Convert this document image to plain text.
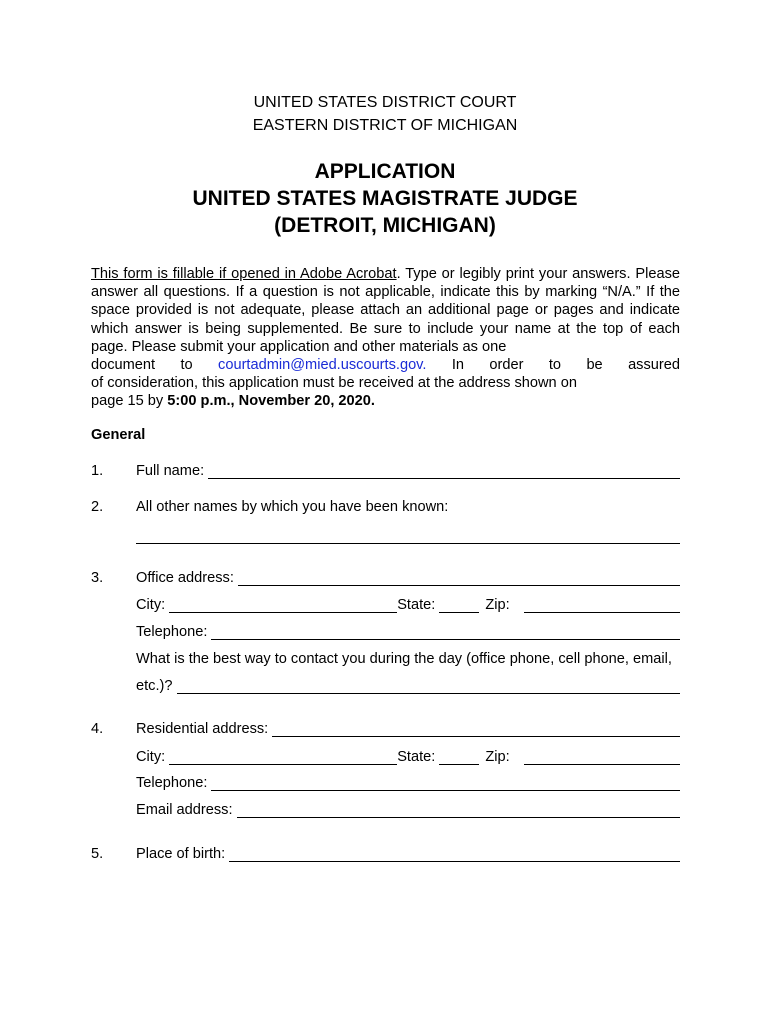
UNITED STATES DISTRICT COURT
EASTERN DISTRICT OF MICHIGAN
APPLICATION
UNITED STATES MAGISTRATE JUDGE
(DETROIT, MICHIGAN)
This form is fillable if opened in Adobe Acrobat. Type or legibly print your answers. Please answer all questions. If a question is not applicable, indicate this by marking “N/A.” If the space provided is not adequate, please attach an additional page or pages and indicate which answer is being supplemented. Be sure to include your name at the top of each page. Please submit your application and other materials as one
document to courtadmin@mied.uscourts.gov. In order to be assured
of consideration, this application must be received at the address shown on
page 15 by 5:00 p.m., November 20, 2020.
General
1. Full name:
2. All other names by which you have been known:
3. Office address:
City:	State:	Zip:
Telephone:
What is the best way to contact you during the day (office phone, cell phone, email,
etc.)?
4. Residential address:
City:	State:	Zip:
Telephone:
Email address:
5. Place of birth:
